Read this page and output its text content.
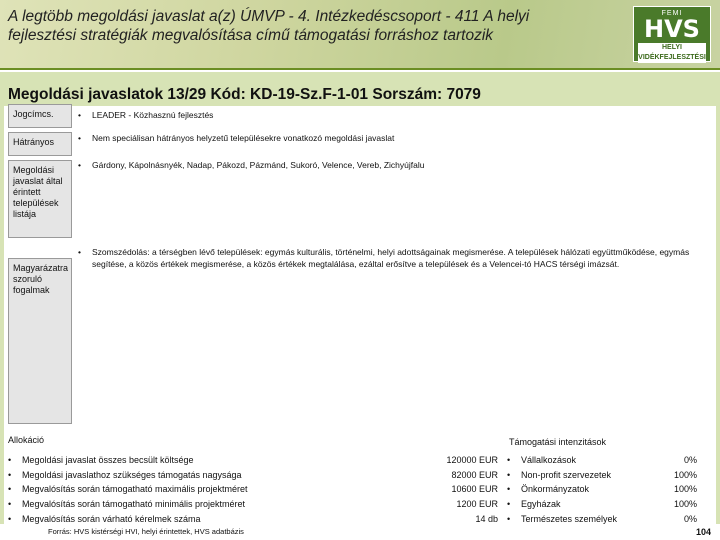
A legtöbb megoldási javaslat a(z) ÚMVP - 4. Intézkedéscsoport - 411 A helyi fejlesztési stratégiák megvalósítása című támogatási forráshoz tartozik
FEMI
HVS
HELYI VIDÉKFEJLESZTÉSI
Megoldási javaslatok 13/29 Kód: KD-19-Sz.F-1-01 Sorszám: 7079
Jogcímcs.	•	LEADER - Közhasznú fejlesztés
Hátrányos	•	Nem speciálisan hátrányos helyzetű településekre vonatkozó megoldási javaslat
Megoldási javaslat által érintett települések listája
•	Gárdony, Kápolnásnyék, Nadap, Pákozd, Pázmánd, Sukoró, Velence, Vereb, Zichyújfalu
Magyarázatra szoruló fogalmak
•	Szomszédolás: a térségben lévő települések: egymás kulturális, történelmi, helyi adottságainak megismerése. A települések hálózati együttműködése, egymás segítése, a közös értékek megismerése, a közös értékek megtalálása, ezáltal erősítve a települések és a Velencei-tó HACS térségi imázsát.
Allokáció	Támogatási intenzitások
•	Megoldási javaslat összes becsült költsége	120000 EUR
•	Megoldási javaslathoz szükséges támogatás nagysága	82000 EUR
•	Megvalósítás során támogatható maximális projektméret	10600 EUR
•	Megvalósítás során támogatható minimális projektméret	1200 EUR
•	Megvalósítás során várható kérelmek száma	14 db
•	Vállalkozások	0%
•	Non-profit szervezetek	100%
•	Önkormányzatok	100%
•	Egyházak	100%
•	Természetes személyek	0%
Forrás: HVS kistérségi HVI, helyi érintettek, HVS adatbázis	104
